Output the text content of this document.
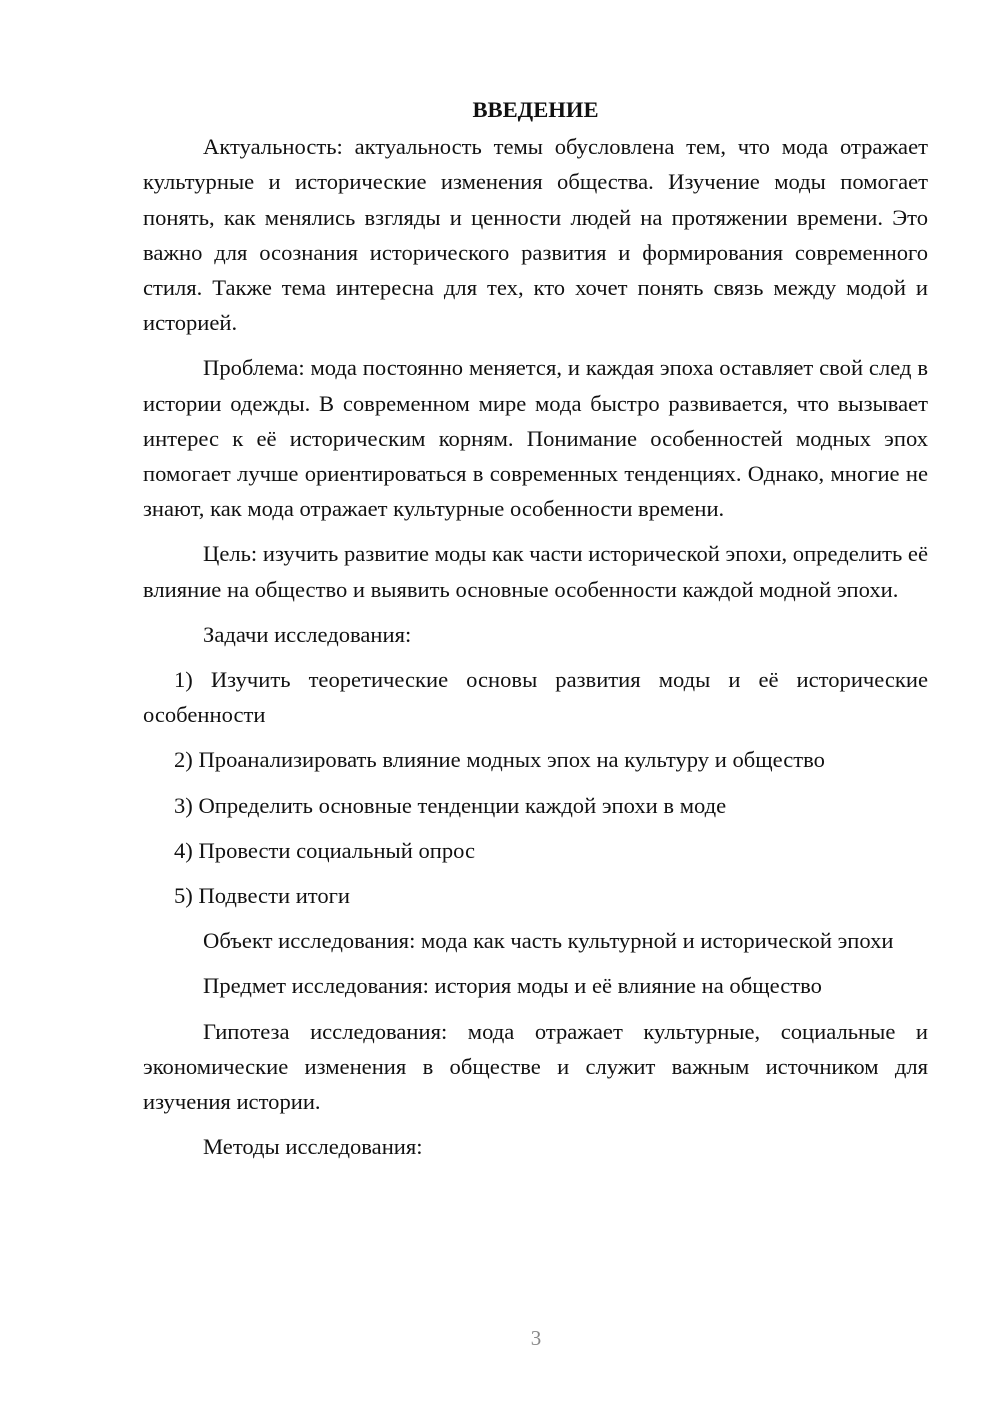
ВВЕДЕНИЕ

Актуальность: актуальность темы обусловлена тем, что мода отражает культурные и исторические изменения общества. Изучение моды помогает понять, как менялись взгляды и ценности людей на протяжении времени. Это важно для осознания исторического развития и формирования современного стиля. Также тема интересна для тех, кто хочет понять связь между модой и историей.

Проблема: мода постоянно меняется, и каждая эпоха оставляет свой след в истории одежды. В современном мире мода быстро развивается, что вызывает интерес к её историческим корням. Понимание особенностей модных эпох помогает лучше ориентироваться в современных тенденциях. Однако, многие не знают, как мода отражает культурные особенности времени.

Цель: изучить развитие моды как части исторической эпохи, определить её влияние на общество и выявить основные особенности каждой модной эпохи.

Задачи исследования:

1) Изучить теоретические основы развития моды и её исторические особенности

2) Проанализировать влияние модных эпох на культуру и общество

3) Определить основные тенденции каждой эпохи в моде

4) Провести социальный опрос

5) Подвести итоги

Объект исследования: мода как часть культурной и исторической эпохи

Предмет исследования: история моды и её влияние на общество

Гипотеза исследования: мода отражает культурные, социальные и экономические изменения в обществе и служит важным источником для изучения истории.

Методы исследования:

3
